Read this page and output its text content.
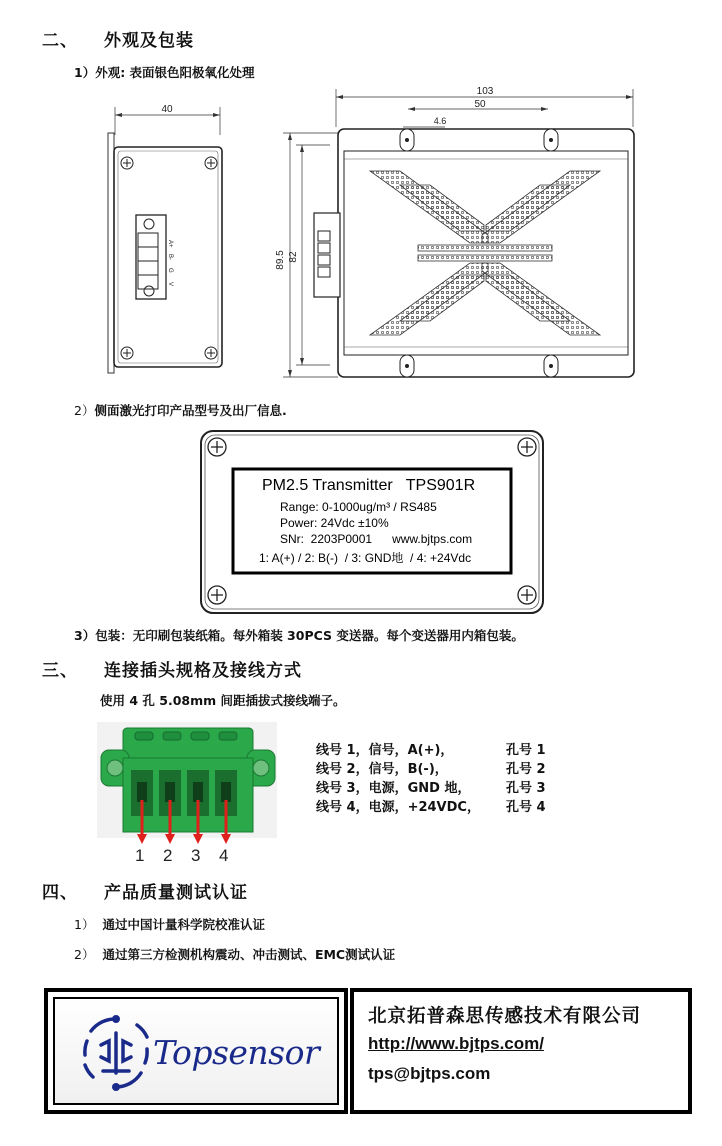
二、 外观及包装
1）外观: 表面银色阳极氧化处理
40
A+
B-
G
V
103
50
4.6
89.5 82
2）侧面激光打印产品型号及出厂信息.
PM2.5 Transmitter   TPS901R
Range: 0-1000ug/m³ / RS485
Power: 24Vdc ±10%
SNr:  2203P0001      www.bjtps.com
1: A(+) / 2: B(-)  / 3: GND地  / 4: +24Vdc
3）包装：无印刷包装纸箱。每外箱装 30PCS 变送器。每个变送器用内箱包装。
三、 连接插头规格及接线方式
使用 4 孔 5.08mm 间距插拔式接线端子。
1 2 3 4
线号 1，信号，A(+)，	孔号 1
线号 2，信号，B(-)，	孔号 2
线号 3，电源，GND 地，	孔号 3
线号 4，电源，+24VDC， 孔号 4
四、 产品质量测试认证
1） 通过中国计量科学院校准认证
2） 通过第三方检测机构震动、冲击测试、EMC测试认证
Topsensor
北京拓普森思传感技术有限公司
http://www.bjtps.com/
tps@bjtps.com
